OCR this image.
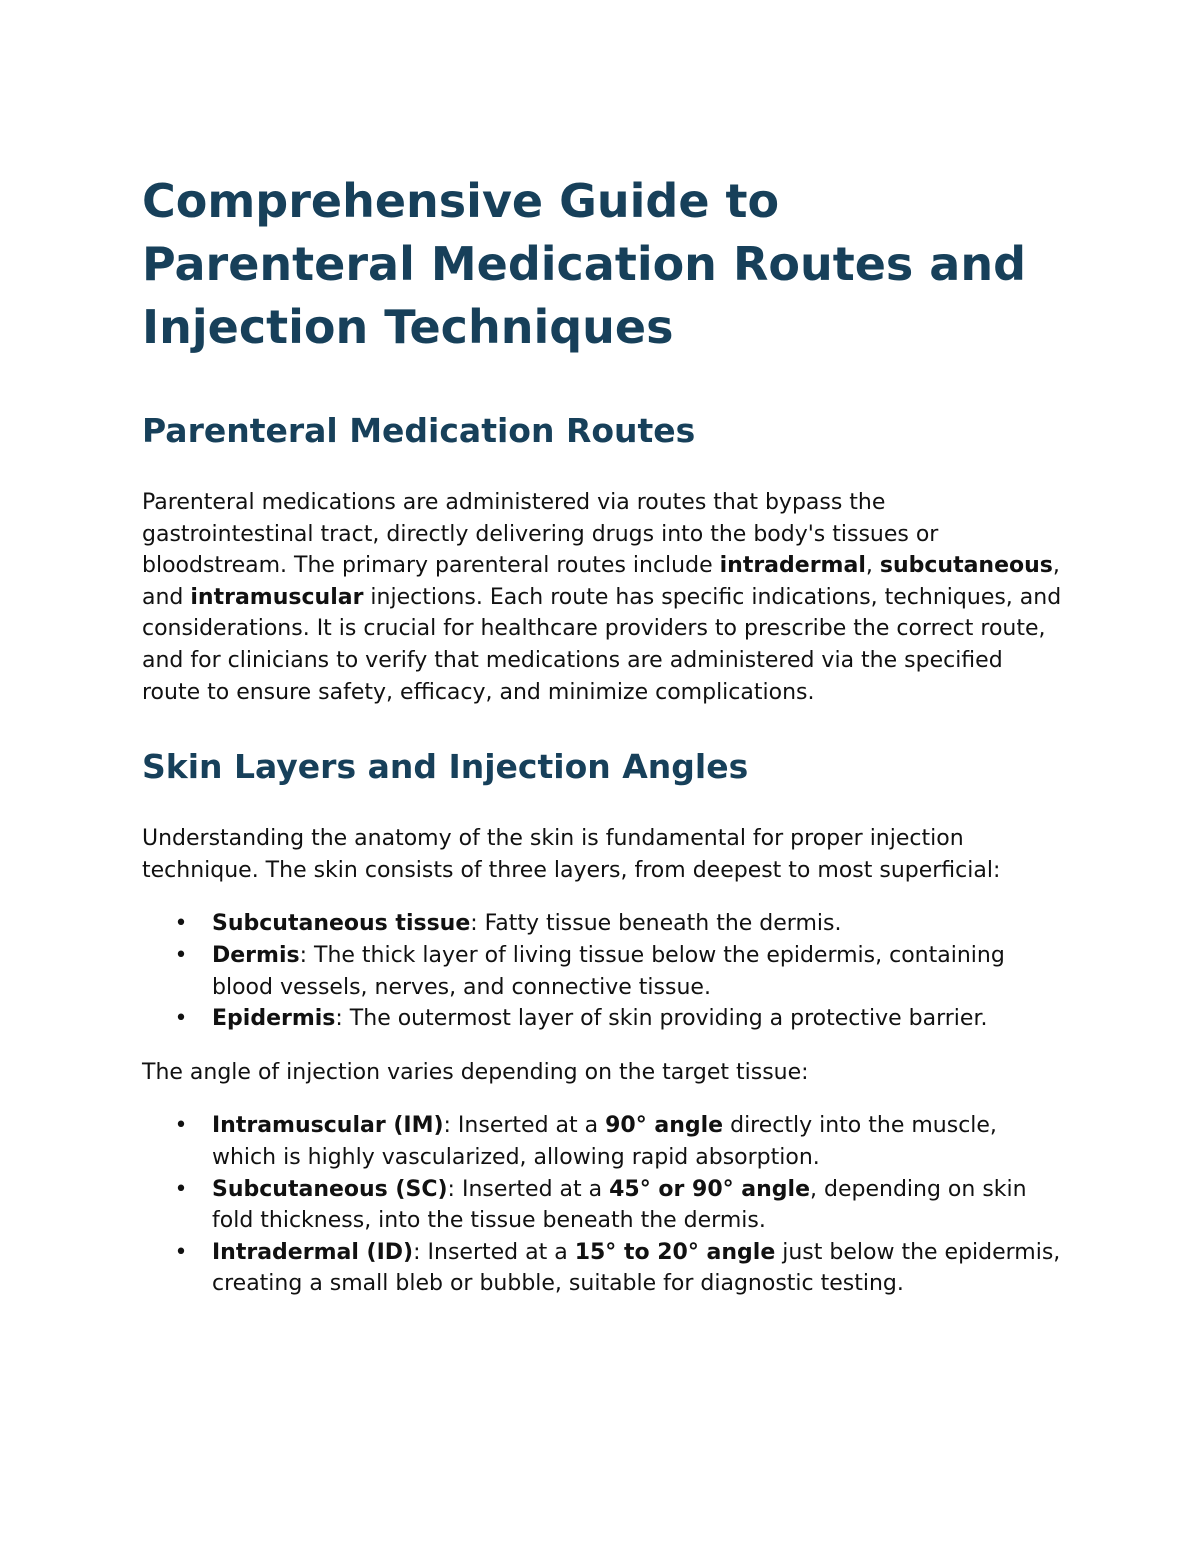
Comprehensive Guide to Parenteral Medication Routes and Injection Techniques
Parenteral Medication Routes

Parenteral medications are administered via routes that bypass the gastrointestinal tract, directly delivering drugs into the body's tissues or bloodstream. The primary parenteral routes include intradermal, subcutaneous, and intramuscular injections. Each route has specific indications, techniques, and considerations. It is crucial for healthcare providers to prescribe the correct route, and for clinicians to verify that medications are administered via the specified route to ensure safety, efficacy, and minimize complications.

Skin Layers and Injection Angles

Understanding the anatomy of the skin is fundamental for proper injection technique. The skin consists of three layers, from deepest to most superficial:

• Subcutaneous tissue: Fatty tissue beneath the dermis.
• Dermis: The thick layer of living tissue below the epidermis, containing blood vessels, nerves, and connective tissue.
• Epidermis: The outermost layer of skin providing a protective barrier.

The angle of injection varies depending on the target tissue:

• Intramuscular (IM): Inserted at a 90° angle directly into the muscle, which is highly vascularized, allowing rapid absorption.
• Subcutaneous (SC): Inserted at a 45° or 90° angle, depending on skin fold thickness, into the tissue beneath the dermis.
• Intradermal (ID): Inserted at a 15° to 20° angle just below the epidermis, creating a small bleb or bubble, suitable for diagnostic testing.
